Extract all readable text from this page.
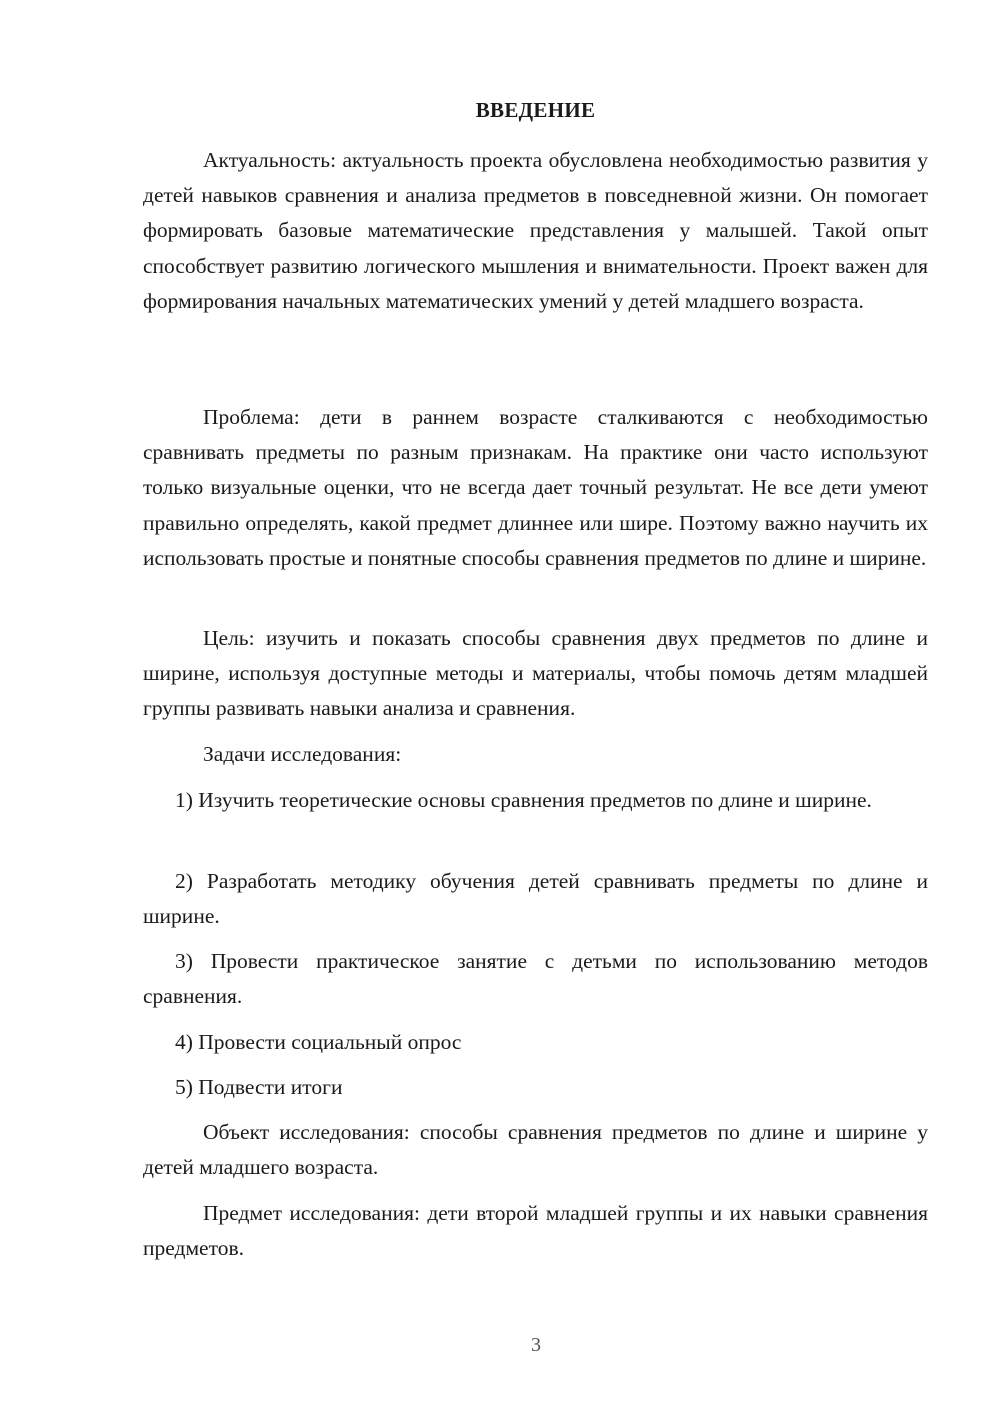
ВВЕДЕНИЕ

Актуальность: актуальность проекта обусловлена необходимостью развития у детей навыков сравнения и анализа предметов в повседневной жизни. Он помогает формировать базовые математические представления у малышей. Такой опыт способствует развитию логического мышления и внимательности. Проект важен для формирования начальных математических умений у детей младшего возраста.

Проблема: дети в раннем возрасте сталкиваются с необходимостью сравнивать предметы по разным признакам. На практике они часто используют только визуальные оценки, что не всегда дает точный результат. Не все дети умеют правильно определять, какой предмет длиннее или шире. Поэтому важно научить их использовать простые и понятные способы сравнения предметов по длине и ширине.

Цель: изучить и показать способы сравнения двух предметов по длине и ширине, используя доступные методы и материалы, чтобы помочь детям младшей группы развивать навыки анализа и сравнения.

Задачи исследования:

1) Изучить теоретические основы сравнения предметов по длине и ширине.

2) Разработать методику обучения детей сравнивать предметы по длине и ширине.

3) Провести практическое занятие с детьми по использованию методов сравнения.

4) Провести социальный опрос

5) Подвести итоги

Объект исследования: способы сравнения предметов по длине и ширине у детей младшего возраста.

Предмет исследования: дети второй младшей группы и их навыки сравнения предметов.

3
